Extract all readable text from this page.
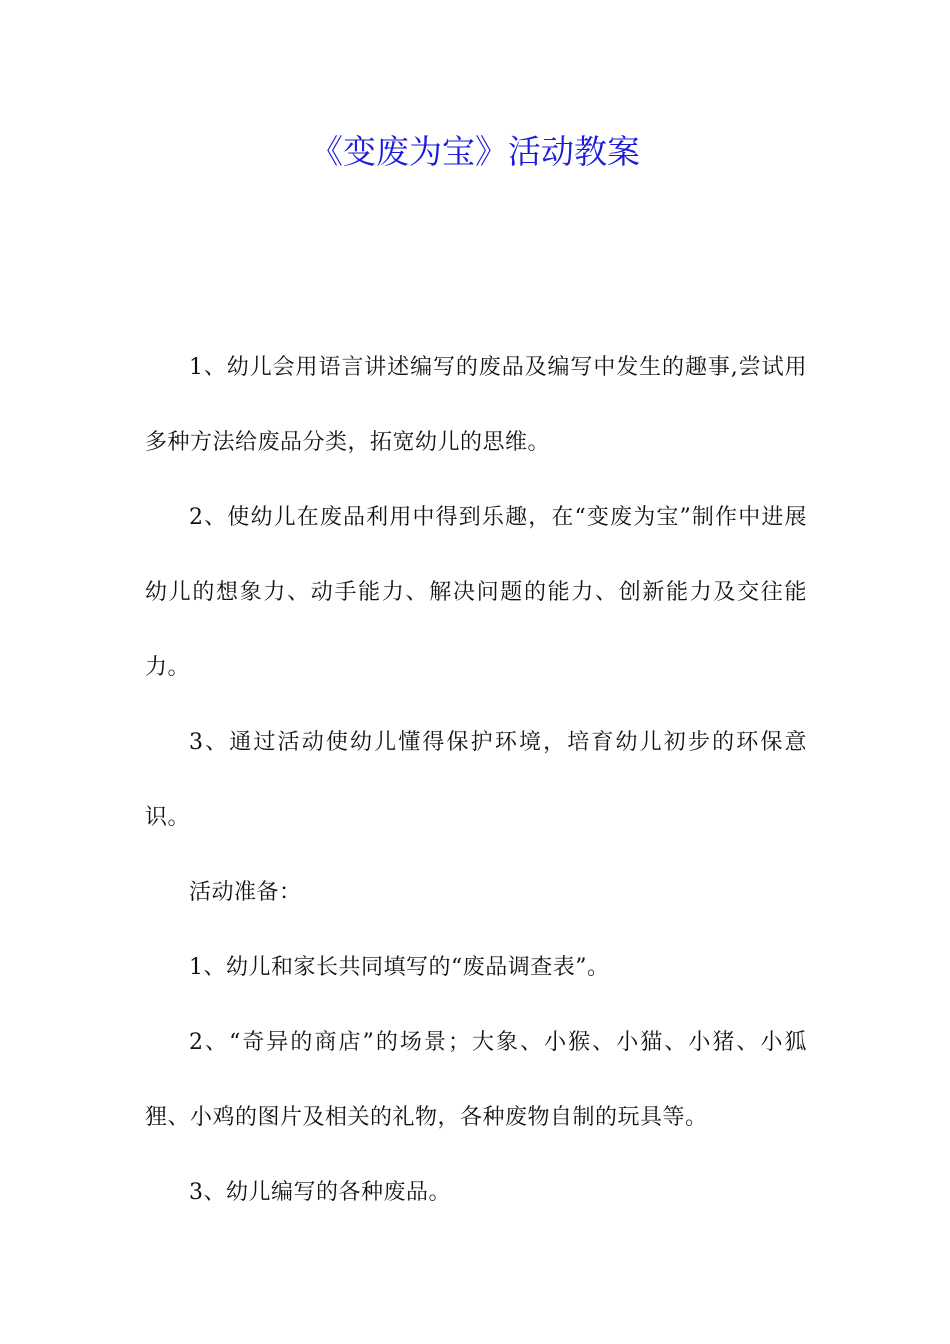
《变废为宝》活动教案

1、幼儿会用语言讲述编写的废品及编写中发生的趣事,尝试用多种方法给废品分类，拓宽幼儿的思维。

2、使幼儿在废品利用中得到乐趣，在“变废为宝”制作中进展幼儿的想象力、动手能力、解决问题的能力、创新能力及交往能力。

3、通过活动使幼儿懂得保护环境，培育幼儿初步的环保意识。

活动准备：

1、幼儿和家长共同填写的“废品调查表”。

2、“奇异的商店”的场景；大象、小猴、小猫、小猪、小狐狸、小鸡的图片及相关的礼物，各种废物自制的玩具等。

3、幼儿编写的各种废品。
